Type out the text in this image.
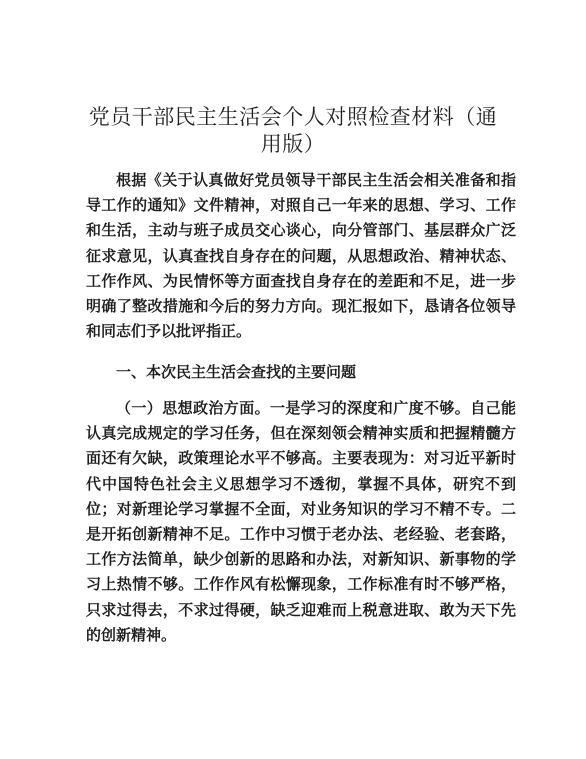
党员干部民主生活会个人对照检查材料（通用版）

根据《关于认真做好党员领导干部民主生活会相关准备和指导工作的通知》文件精神，对照自己一年来的思想、学习、工作和生活，主动与班子成员交心谈心，向分管部门、基层群众广泛征求意见，认真查找自身存在的问题，从思想政治、精神状态、工作作风、为民情怀等方面查找自身存在的差距和不足，进一步明确了整改措施和今后的努力方向。现汇报如下，恳请各位领导和同志们予以批评指正。

一、本次民主生活会查找的主要问题

（一）思想政治方面。一是学习的深度和广度不够。自己能认真完成规定的学习任务，但在深刻领会精神实质和把握精髓方面还有欠缺，政策理论水平不够高。主要表现为：对习近平新时代中国特色社会主义思想学习不透彻，掌握不具体，研究不到位；对新理论学习掌握不全面，对业务知识的学习不精不专。二是开拓创新精神不足。工作中习惯于老办法、老经验、老套路，工作方法简单，缺少创新的思路和办法，对新知识、新事物的学习上热情不够。工作作风有松懈现象，工作标准有时不够严格，只求过得去，不求过得硬，缺乏迎难而上税意进取、敢为天下先的创新精神。
